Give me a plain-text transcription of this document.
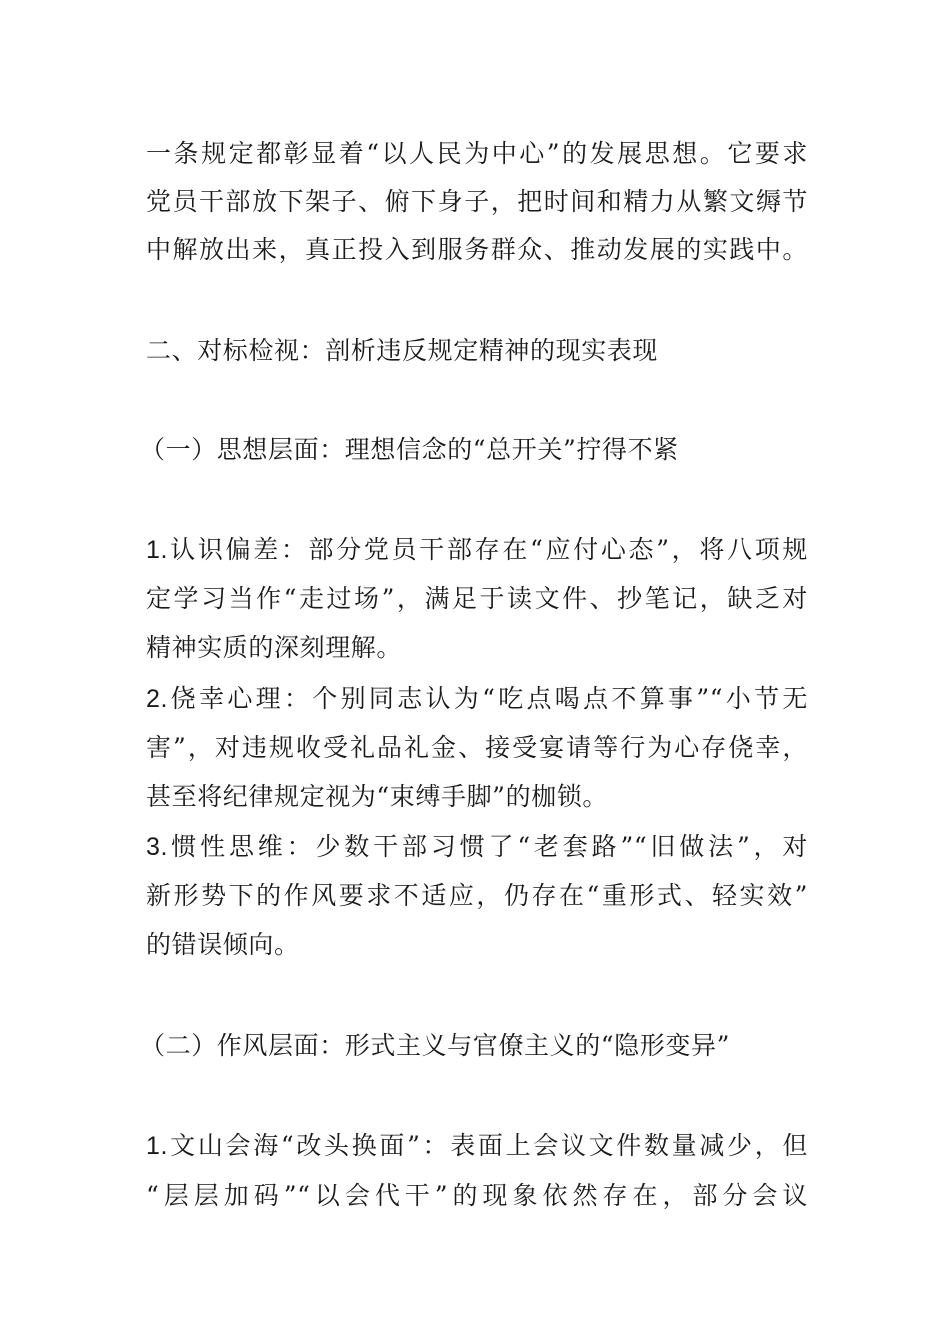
一条规定都彰显着“以人民为中心”的发展思想。它要求
党员干部放下架子、俯下身子，把时间和精力从繁文缛节
中解放出来，真正投入到服务群众、推动发展的实践中。
二、对标检视：剖析违反规定精神的现实表现
（一）思想层面：理想信念的“总开关”拧得不紧
1.认识偏差：部分党员干部存在“应付心态”，将八项规
定学习当作“走过场”，满足于读文件、抄笔记，缺乏对
精神实质的深刻理解。
2.侥幸心理：个别同志认为“吃点喝点不算事”“小节无
害”，对违规收受礼品礼金、接受宴请等行为心存侥幸，
甚至将纪律规定视为“束缚手脚”的枷锁。
3.惯性思维：少数干部习惯了“老套路”“旧做法”，对
新形势下的作风要求不适应，仍存在“重形式、轻实效”
的错误倾向。
（二）作风层面：形式主义与官僚主义的“隐形变异”
1.文山会海“改头换面”：表面上会议文件数量减少，但
“层层加码”“以会代干”的现象依然存在，部分会议
